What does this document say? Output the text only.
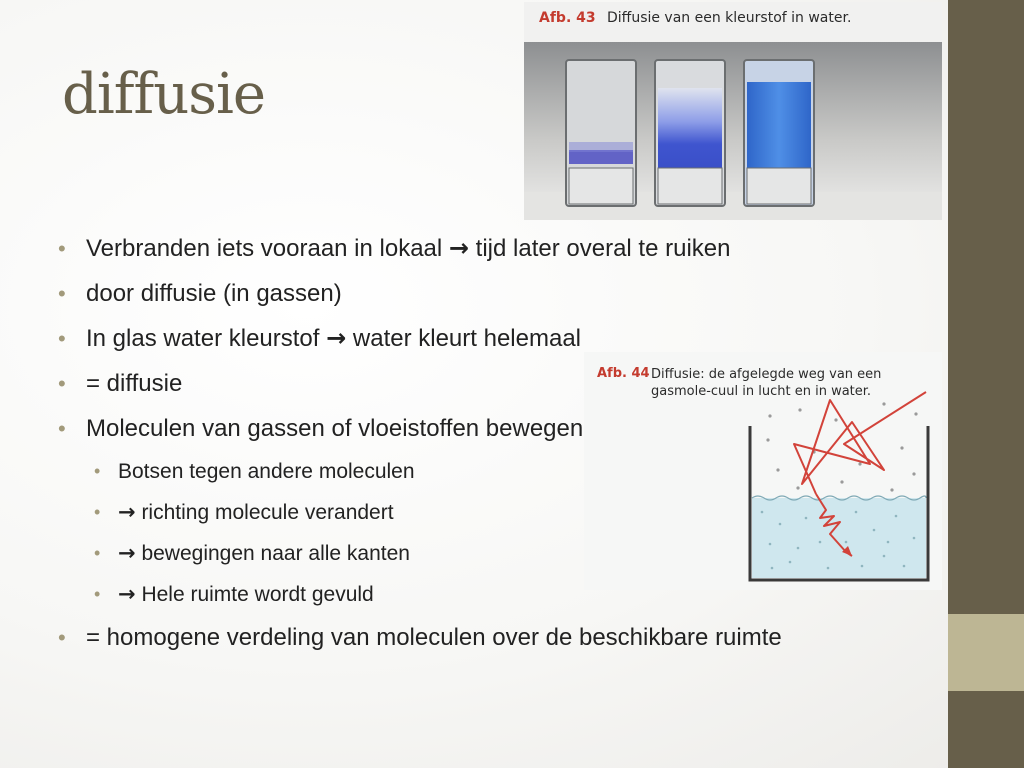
diffusie
Afb. 43 Diffusie van een kleurstof in water.
Afb. 44 Diffusie: de afgelegde weg van een gasmole-cuul in lucht en in water.
• Verbranden iets vooraan in lokaal → tijd later overal te ruiken
• door diffusie (in gassen)
• In glas water kleurstof → water kleurt helemaal
• = diffusie
• Moleculen van gassen of vloeistoffen bewegen
• Botsen tegen andere moleculen
• → richting molecule verandert
• → bewegingen naar alle kanten
• → Hele ruimte wordt gevuld
• = homogene verdeling van moleculen over de beschikbare ruimte
